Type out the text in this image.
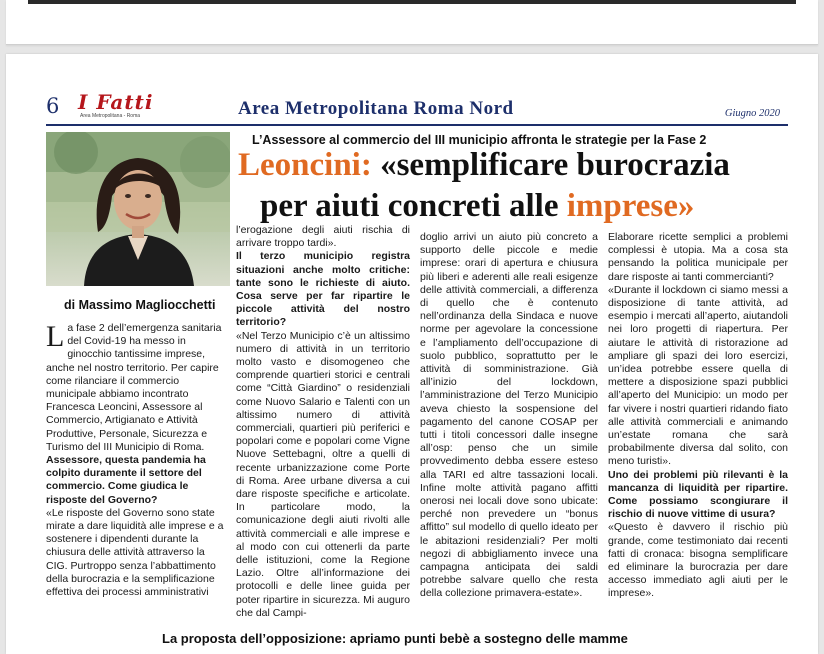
6 I Fatti
Area Metropolitana - Roma	Area Metropolitana Roma Nord	Giugno 2020
di Massimo Magliocchetti
L’Assessore al commercio del III municipio affronta le strategie per la Fase 2
Leoncini: «semplificare burocrazia
per aiuti concreti alle imprese»

La fase 2 dell’emergenza sanitaria del Covid-19 ha messo in ginocchio tantissime imprese, anche nel nostro territorio. Per capire come rilanciare il commercio municipale abbiamo incontrato Francesca Leoncini, Assessore al Commercio, Artigianato e Attività Produttive, Personale, Sicurezza e Turismo del III Municipio di Roma.

Assessore, questa pandemia ha colpito duramente il settore del commercio. Come giudica le risposte del Governo?

«Le risposte del Governo sono state mirate a dare liquidità alle imprese e a sostenere i dipendenti durante la chiusura delle attività attraverso la CIG. Purtroppo senza l’abbattimento della burocrazia e la semplificazione effettiva dei processi amministrativi

l’erogazione degli aiuti rischia di arrivare troppo tardi».

Il terzo municipio registra situazioni anche molto critiche: tante sono le richieste di aiuto. Cosa serve per far ripartire le piccole attività del nostro territorio?

«Nel Terzo Municipio c’è un altissimo numero di attività in un territorio molto vasto e disomogeneo che comprende quartieri storici e centrali come “Città Giardino” o residenziali come Nuovo Salario e Talenti con un altissimo numero di attività commerciali, quartieri più periferici e popolari come e popolari come Vigne Nuove Settebagni, oltre a quelli di recente urbanizzazione come Porte di Roma. Aree urbane diversa a cui dare risposte specifiche e articolate. In particolare modo, la comunicazione degli aiuti rivolti alle attività commerciali e alle imprese e al modo con cui ottenerli da parte delle istituzioni, come la Regione Lazio. Oltre all’informazione dei protocolli e delle linee guida per poter ripartire in sicurezza. Mi auguro che dal Campi-

doglio arrivi un aiuto più concreto a supporto delle piccole e medie imprese: orari di apertura e chiusura più liberi e aderenti alle reali esigenze delle attività commerciali, a differenza di quello che è contenuto nell’ordinanza della Sindaca e nuove norme per agevolare la concessione e l’ampliamento dell’occupazione di suolo pubblico, soprattutto per le attività di somministrazione. Già all’inizio del lockdown, l’amministrazione del Terzo Municipio aveva chiesto la sospensione del pagamento del canone COSAP per tutti i titoli concessori dalle insegne all’osp: penso che un simile provvedimento debba essere esteso alla TARI ed altre tassazioni locali. Infine molte attività pagano affitti onerosi nei locali dove sono ubicate: perché non prevedere un “bonus affitto” sul modello di quello ideato per le abitazioni residenziali? Per molti negozi di abbigliamento invece una campagna anticipata dei saldi potrebbe salvare quello che resta della collezione primavera-estate».

Elaborare ricette semplici a problemi complessi è utopia. Ma a cosa sta pensando la politica municipale per dare risposte ai tanti commercianti?

«Durante il lockdown ci siamo messi a disposizione di tante attività, ad esempio i mercati all’aperto, aiutandoli nei loro progetti di riapertura. Per aiutare le attività di ristorazione ad ampliare gli spazi dei loro esercizi, un’idea potrebbe essere quella di mettere a disposizione spazi pubblici all’aperto del Municipio: un modo per far vivere i nostri quartieri ridando fiato alle attività commerciali e animando un’estate romana che sarà probabilmente diversa dal solito, con meno turisti».

Uno dei problemi più rilevanti è la mancanza di liquidità per ripartire. Come possiamo scongiurare il rischio di nuove vittime di usura?

«Questo è davvero il rischio più grande, come testimoniato dai recenti fatti di cronaca: bisogna semplificare ed eliminare la burocrazia per dare accesso immediato agli aiuti per le imprese».

La proposta dell’opposizione: apriamo punti bebè a sostegno delle mamme
